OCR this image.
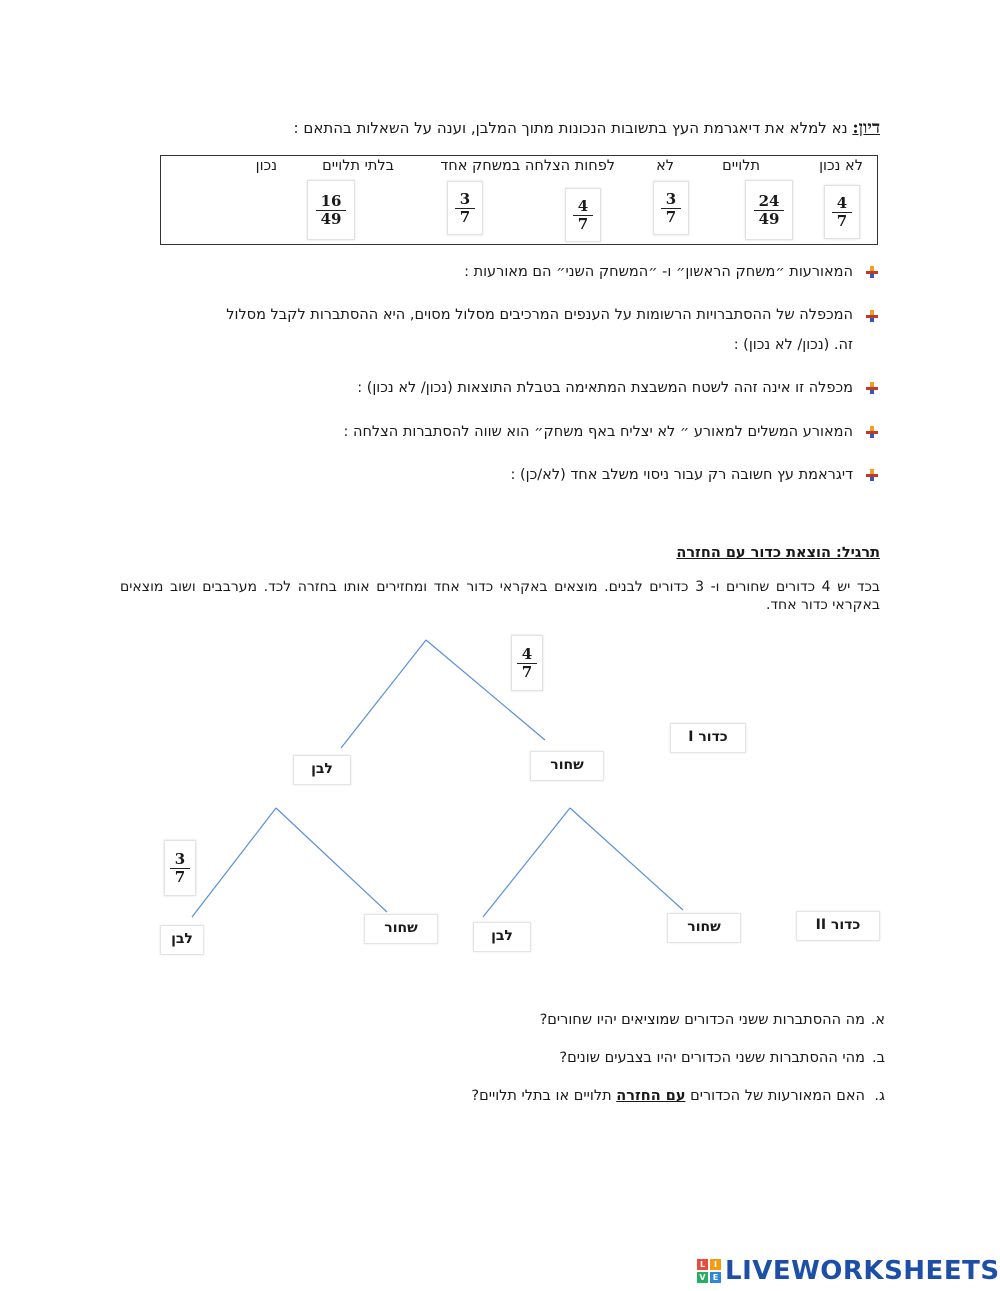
דיון: נא למלא את דיאגרמת העץ בתשובות הנכונות מתוך המלבן, וענה על השאלות בהתאם :
לא נכון
תלויים
לא
לפחות הצלחה במשחק אחד
בלתי תלויים
נכון
$\frac{4}{7}$
$\frac{24}{49}$
$\frac{3}{7}$
$\frac{4}{7}$
$\frac{3}{7}$
$\frac{16}{49}$
המאורעות ״משחק הראשון״ ו- ״המשחק השני״ הם מאורעות :
המכפלה של ההסתברויות הרשומות על הענפים המרכיבים מסלול מסוים, היא ההסתברות לקבל מסלול
זה. (נכון/ לא נכון) :
מכפלה זו אינה זהה לשטח המשבצת המתאימה בטבלת התוצאות (נכון/ לא נכון) :
המאורע המשלים למאורע ״ לא יצליח באף משחק״ הוא שווה להסתברות הצלחה :
דיגראמת עץ חשובה רק עבור ניסוי משלב אחד (לא/כן) :
תרגיל: הוצאת כדור עם החזרה
בכד יש 4 כדורים שחורים ו- 3 כדורים לבנים. מוצאים באקראי כדור אחד ומחזירים אותו בחזרה לכד. מערבבים ושוב מוצאים באקראי כדור אחד.
$\frac{4}{7}$
$\frac{3}{7}$
לבן	שחור
לבן
שחור	לבן
שחור
כדור I
כדור II
א.
מה ההסתברות ששני הכדורים שמוציאים יהיו שחורים?
ב.
מהי ההסתברות ששני הכדורים יהיו בצבעים שונים?
ג.
האם המאורעות של הכדורים עם החזרה תלויים או בתלי תלויים?
L	I
V E LIVEWORKSHEETS
